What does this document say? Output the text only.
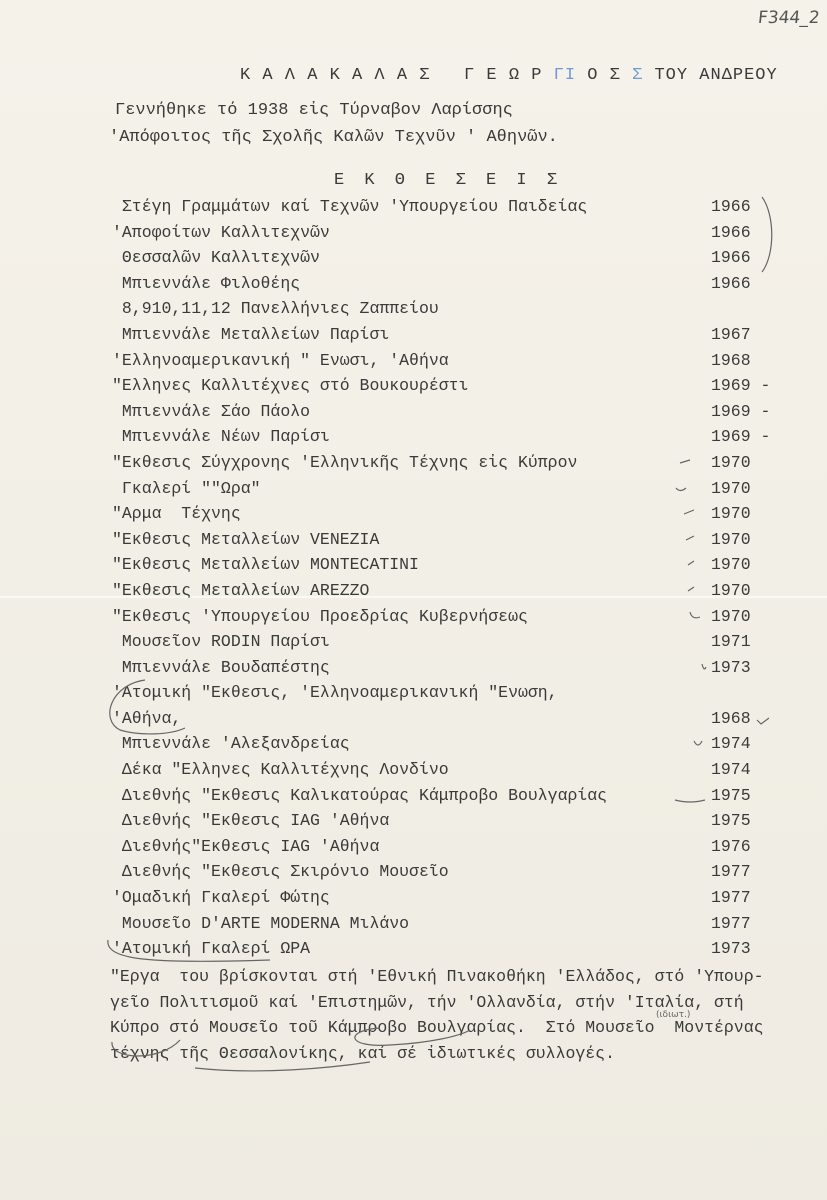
F344_2
Κ Α Λ Α Κ Α Λ Α Σ   Γ Ε Ω Ρ ΓΙ Ο Σ Σ ΤΟΥ ΑΝΔΡΕΟΥ
Γεννήθηκε τό 1938 εἰς Τύρναβον Λαρίσσης
'Απόφοιτος τῆς Σχολῆς Καλῶν Τεχνῦν ' Αθηνῶν.
Ε Κ Θ Ε Σ Ε Ι Σ
Στέγη Γραμμάτων καί Τεχνῶν 'Υπουργείου Παιδείας	1966
'Αποφοίτων Καλλιτεχνῶν	1966
Θεσσαλῶν Καλλιτεχνῶν	1966
Μπιεννάλε Φιλοθέης	1966
8,910,11,12 Πανελλήνιες Ζαππείου
Μπιεννάλε Μεταλλείων Παρίσι	1967
'Ελληνοαμερικανική " Ενωσι, 'Αθήνα	1968
"Ελληνες Καλλιτέχνες στό Βουκουρέστι	1969 -
Μπιεννάλε Σάο Πάολο	1969 -
Μπιεννάλε Νέων Παρίσι	1969 -
"Εκθεσις Σύγχρονης 'Ελληνικῆς Τέχνης εἰς Κύπρον	1970
Γκαλερί ""Ωρα"	1970
"Αρμα  Τέχνης	1970
"Εκθεσις Μεταλλείων VENEZIA	1970
"Εκθεσις Μεταλλείων MONTECATINI	1970
"Εκθεσις Μεταλλείων AREZZO	1970
"Εκθεσις 'Υπουργείου Προεδρίας Κυβερνήσεως	1970
Μουσεῖον RODIN Παρίσι	1971
Μπιεννάλε Βουδαπέστης	1973
'Ατομική "Εκθεσις, 'Ελληνοαμερικανική "Ενωση,
'Αθήνα,	1968
Μπιεννάλε 'Αλεξανδρείας	1974
Δέκα "Ελληνες Καλλιτέχνης Λονδίνο	1974
Διεθνής "Εκθεσις Καλικατούρας Κάμπροβο Βουλγαρίας	1975
Διεθνής "Εκθεσις IAG 'Αθήνα	1975
Διεθνής"Εκθεσις IAG 'Αθήνα	1976
Διεθνής "Εκθεσις Σκιρόνιο Μουσεῖο	1977
'Ομαδική Γκαλερί Φώτης	1977
Μουσεῖο D'ARTE MODERNA Μιλάνο	1977
'Ατομική Γκαλερί ΩΡΑ	1973
"Εργα  του βρίσκονται στή 'Εθνική Πινακοθήκη 'Ελλάδος, στό 'Υπουρ-
γεῖο Πολιτισμοῦ καί 'Επιστημῶν, τήν 'Ολλανδία, στήν 'Ιταλία, στή
Κύπρο στό Μουσεῖο τοῦ Κάμπροβο Βουλγαρίας.  Στό Μουσεῖο  Μοντέρνας
τέχνης τῆς Θεσσαλονίκης, καί σέ ἰδιωτικές συλλογές.
(ιδιωτ.)
